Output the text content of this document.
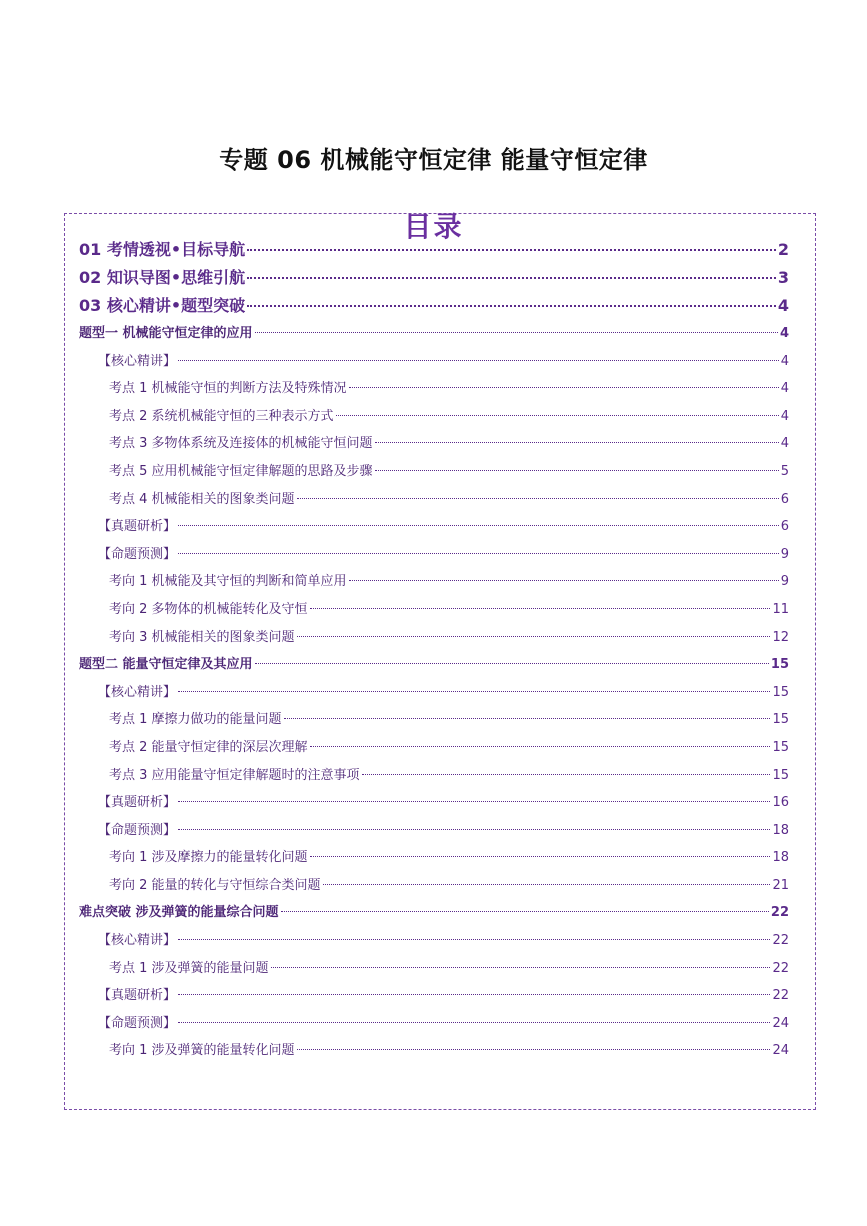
专题 06 机械能守恒定律 能量守恒定律
目录
01 考情透视•目标导航	2
02 知识导图•思维引航	3
03 核心精讲•题型突破	4
题型一 机械能守恒定律的应用	4
【核心精讲】	4
考点 1 机械能守恒的判断方法及特殊情况	4
考点 2 系统机械能守恒的三种表示方式	4
考点 3 多物体系统及连接体的机械能守恒问题	4
考点 5 应用机械能守恒定律解题的思路及步骤	5
考点 4 机械能相关的图象类问题	6
【真题研析】	6
【命题预测】	9
考向 1 机械能及其守恒的判断和简单应用	9
考向 2 多物体的机械能转化及守恒	11
考向 3 机械能相关的图象类问题	12
题型二 能量守恒定律及其应用	15
【核心精讲】	15
考点 1 摩擦力做功的能量问题	15
考点 2 能量守恒定律的深层次理解	15
考点 3 应用能量守恒定律解题时的注意事项	15
【真题研析】	16
【命题预测】	18
考向 1 涉及摩擦力的能量转化问题	18
考向 2 能量的转化与守恒综合类问题	21
难点突破 涉及弹簧的能量综合问题	22
【核心精讲】	22
考点 1 涉及弹簧的能量问题	22
【真题研析】	22
【命题预测】	24
考向 1 涉及弹簧的能量转化问题	24
